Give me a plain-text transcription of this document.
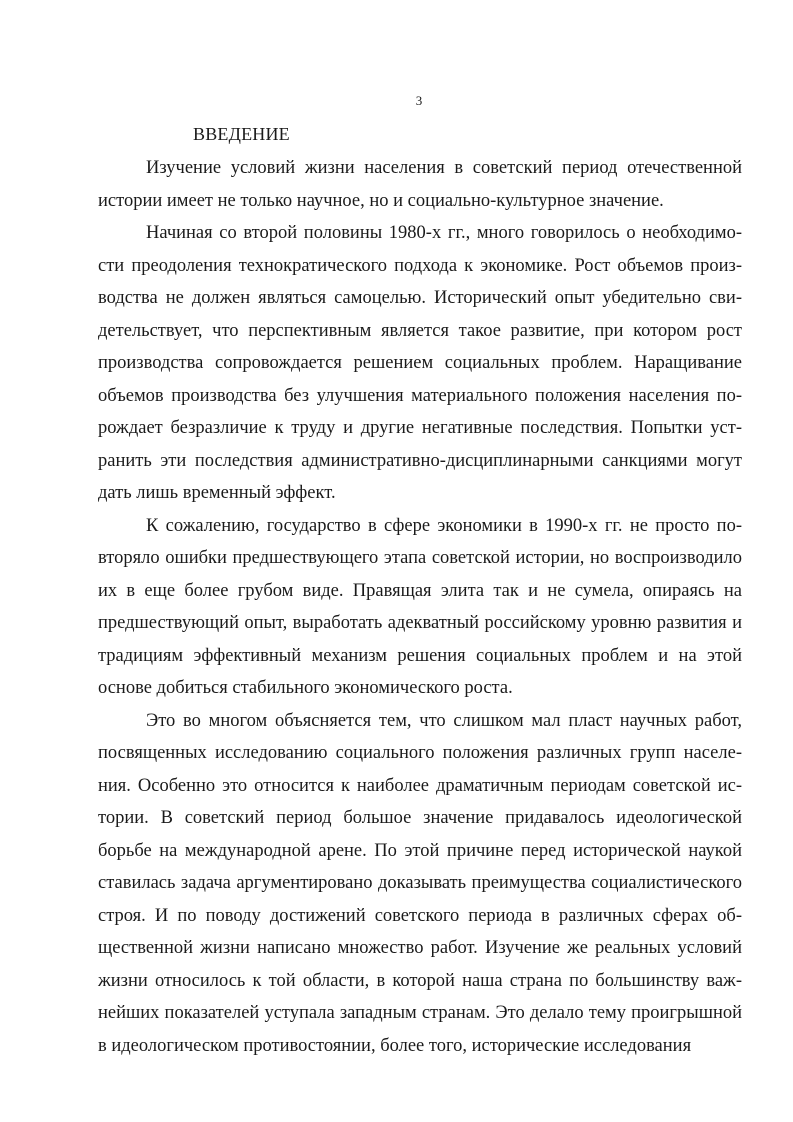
3
ВВЕДЕНИЕ

Изучение условий жизни населения в советский период отечественной истории имеет не только научное, но и социально-культурное значение.

Начиная со второй половины 1980-х гг., много говорилось о необходимости преодоления технократического подхода к экономике. Рост объемов производства не должен являться самоцелью. Исторический опыт убедительно свидетельствует, что перспективным является такое развитие, при котором рост производства сопровождается решением социальных проблем. Наращивание объемов производства без улучшения материального положения населения порождает безразличие к труду и другие негативные последствия. Попытки устранить эти последствия административно-дисциплинарными санкциями могут дать лишь временный эффект.

К сожалению, государство в сфере экономики в 1990-х гг. не просто повторяло ошибки предшествующего этапа советской истории, но воспроизводило их в еще более грубом виде. Правящая элита так и не сумела, опираясь на предшествующий опыт, выработать адекватный российскому уровню развития и традициям эффективный механизм решения социальных проблем и на этой основе добиться стабильного экономического роста.

Это во многом объясняется тем, что слишком мал пласт научных работ, посвященных исследованию социального положения различных групп населения. Особенно это относится к наиболее драматичным периодам советской истории. В советский период большое значение придавалось идеологической борьбе на международной арене. По этой причине перед исторической наукой ставилась задача аргументировано доказывать преимущества социалистического строя. И по поводу достижений советского периода в различных сферах общественной жизни написано множество работ. Изучение же реальных условий жизни относилось к той области, в которой наша страна по большинству важнейших показателей уступала западным странам. Это делало тему проигрышной в идеологическом противостоянии, более того, исторические исследования
